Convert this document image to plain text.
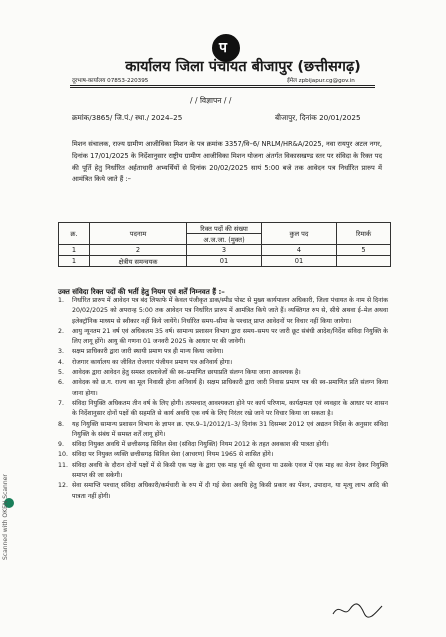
प
कार्यालय जिला पंचायत बीजापुर (छत्तीसगढ़)
दूरभाष-कार्यालय 07853-220395	ईमेल zpbijapur.cg@gov.in
/ / विज्ञापन / /
क्रमांक/3865/ जि.पं./ स्था./ 2024–25	बीजापुर, दिनांक 20/01/2025
मिशन संचालक, राज्य ग्रामीण आजीविका मिशन के पत्र क्रमांक 3357/वि–6/ NRLM/HR&A/2025, नवा रायपुर अटल नगर, दिनांक 17/01/2025 के निर्देशानुसार राष्ट्रीय ग्रामीण आजीविका मिशन योजना अंतर्गत विकासखण्ड स्तर पर संविदा के रिक्त पद की पूर्ति हेतु निर्धारित अर्हताधारी अभ्यर्थियों से दिनांक 20/02/2025 सायं 5:00 बजे तक आवेदन पत्र निर्धारित प्रारुप में आमंत्रित किये जाते हैं :–
क्र.	पदनाम	रिक्त पदों की संख्या	कुल पद	रिमार्क
		अ.ज.जा. (मुक्त)		
1	2	3	4	5
1	क्षेत्रीय समन्वयक	01	01	
उक्त संविदा रिक्त पदों की भर्ती हेतु नियम एवं शर्तें निम्नवत हैं :–
1.	निर्धारित प्रारुप में आवेदन पत्र बंद लिफाफे में केवल पंजीकृत डाक/स्पीड पोस्ट से मुख्य कार्यपालन अधिकारी, जिला पंचायत के नाम से दिनांक 20/02/2025 को अपरान्ह 5:00 तक आवेदन पत्र निर्धारित प्रारुप में आमंत्रित किये जाते हैं। व्यक्तिगत रुप से, सीधे अथवा ई–मेल अथवा इलेक्ट्रॉनिक माध्यम से स्वीकार नहीं किये जायेंगे। निर्धारित समय–सीमा के पश्चात् प्राप्त आवेदनों पर विचार नहीं किया जायेगा।
2.	आयु न्यूनतम 21 वर्ष एवं अधिकतम 35 वर्ष। सामान्य प्रशासन विभाग द्वारा समय–समय पर जारी छूट संबंधी आदेश/निर्देश संविदा नियुक्ति के लिए लागू होंगे। आयु की गणना 01 जनवरी 2025 के आधार पर की जावेगी।
3.	सक्षम प्राधिकारी द्वारा जारी स्थायी प्रमाण पत्र ही मान्य किया जावेगा।
4.	रोजगार कार्यालय का जीवित रोजगार पंजीयन प्रमाण पत्र अनिवार्य होगा।
5.	आवेदक द्वारा आवेदन हेतु समस्त दस्तावेजों की स्व–प्रमाणित छायाप्रति संलग्न किया जाना आवश्यक है।
6.	आवेदक को छ.ग. राज्य का मूल निवासी होना अनिवार्य है। सक्षम प्राधिकारी द्वारा जारी निवास प्रमाण पत्र की स्व–प्रमाणित प्रति संलग्न किया जाना होगा।
7.	संविदा नियुक्ति अधिकतम तीन वर्ष के लिए होगी। तत्पश्चात् आवश्यकता होने पर कार्य परिणाम, कार्यक्षमता एवं व्यवहार के आधार पर शासन के निर्देशानुसार दोनों पक्षों की सहमति से कार्य अवधि एक वर्ष के लिए निरंतर रखे जाने पर विचार किया जा सकता है।
8.	यह नियुक्ति सामान्य प्रशासन विभाग के ज्ञापन क्र. एफ.9–1/2012/1–3/ दिनांक 31 दिसम्बर 2012 एवं अद्यतन निर्देश के अनुसार संविदा नियुक्ति के संबंध में समस्त शर्तें लागू होंगे।
9.	संविदा नियुक्त अवधि में छत्तीसगढ़ सिविल सेवा (संविदा नियुक्ति) नियम 2012 के तहत अवकाश की पात्रता होगी।
10. संविदा पर नियुक्त व्यक्ति छत्तीसगढ़ सिविल सेवा (आचरण) नियम 1965 से शासित होंगे।
11. संविदा अवधि के दौरान दोनों पक्षों में से किसी एक पक्ष के द्वारा एक माह पूर्व की सूचना या उसके एवज में एक माह का वेतन देकर नियुक्ति समाप्त की जा सकेगी।
12. सेवा समाप्ति पश्चात् संविदा अधिकारी/कर्मचारी के रुप में दी गई सेवा अवधि हेतु किसी प्रकार का पेंशन, उपादान, या मृत्यु लाभ आदि की पात्रता नहीं होगी।
Scanned with OKEN Scanner
